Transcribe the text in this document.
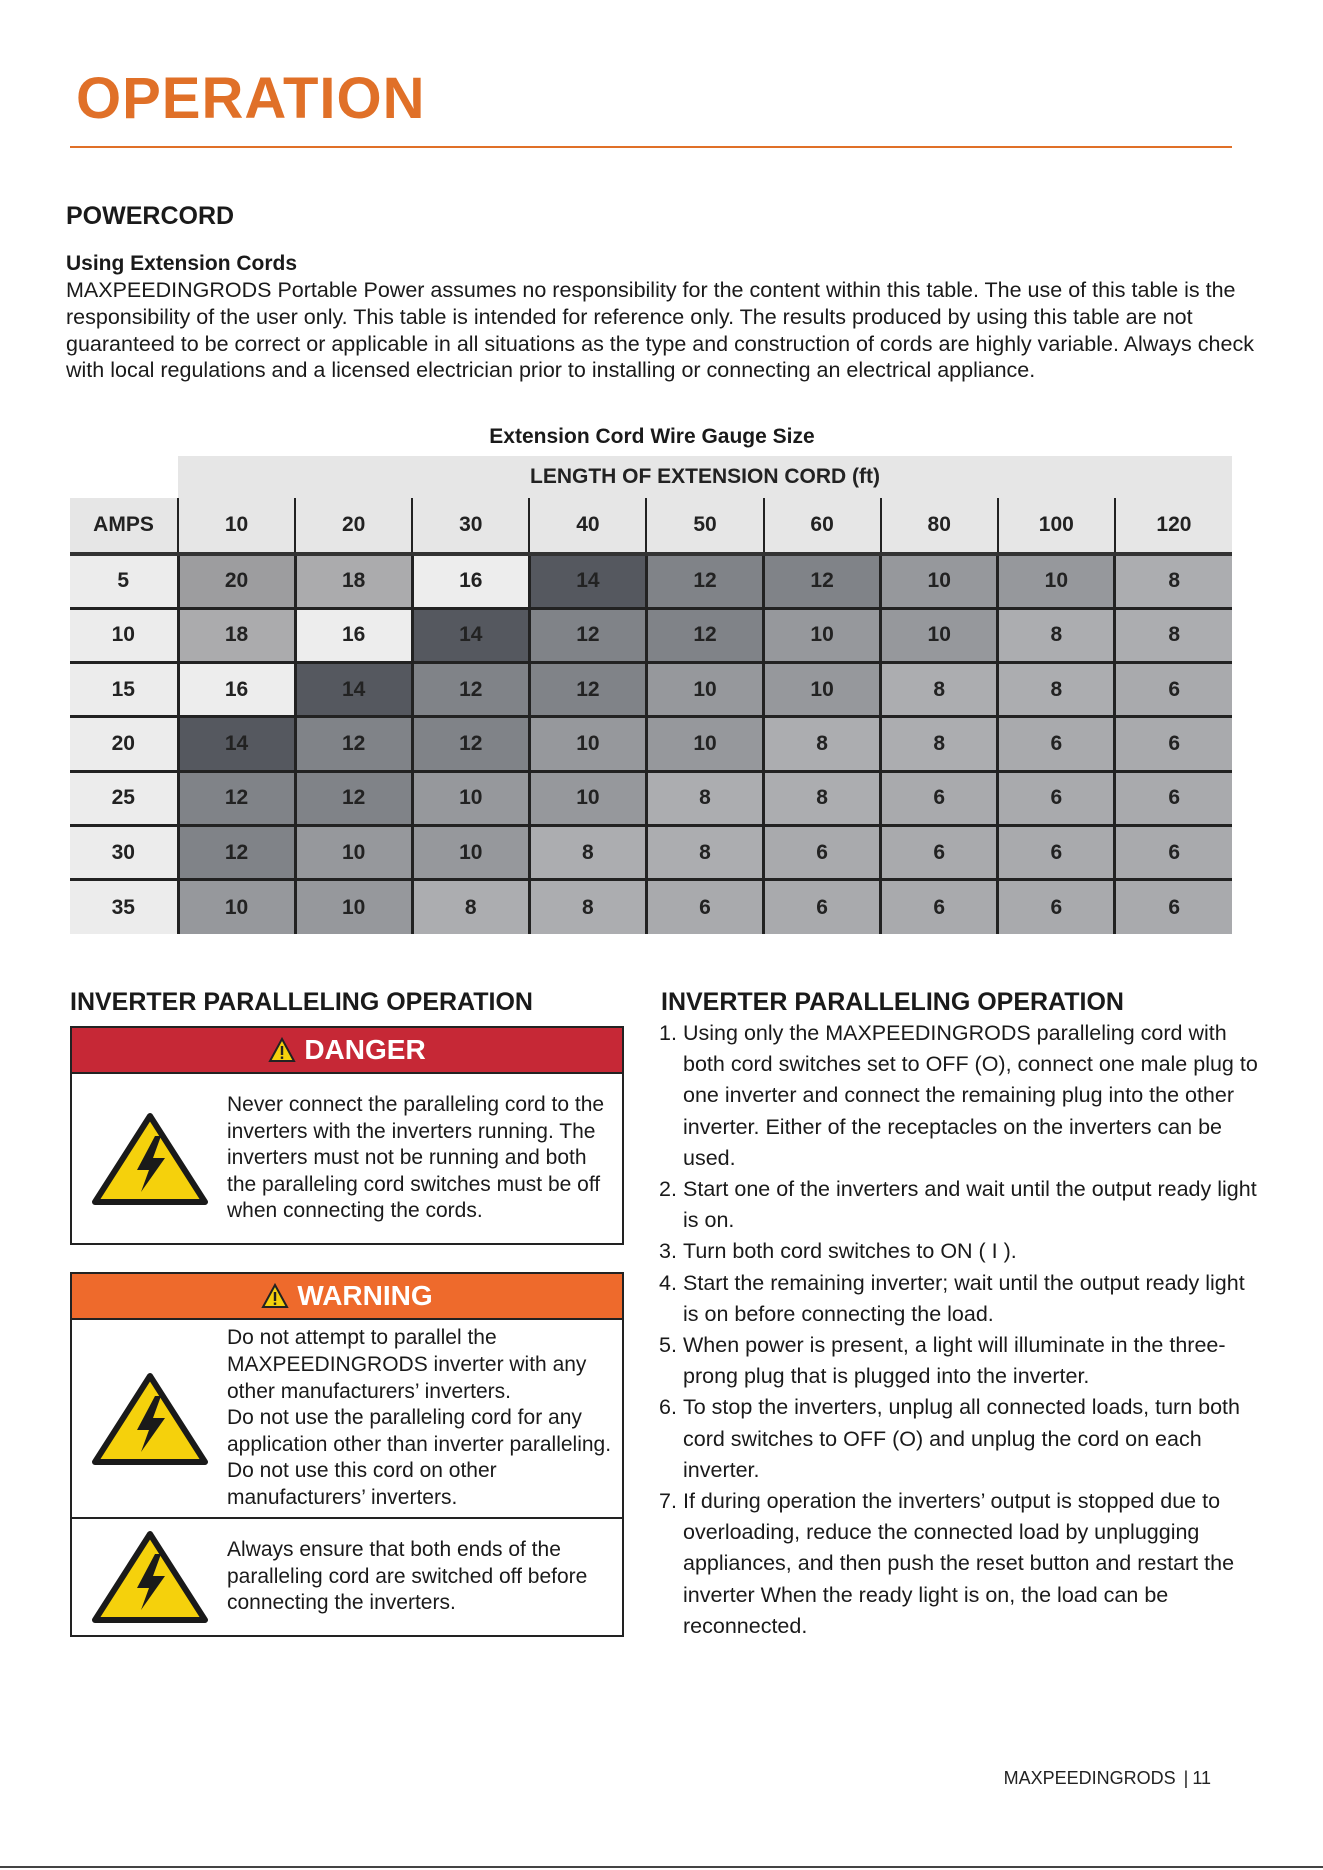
OPERATION
POWERCORD
Using Extension Cords
MAXPEEDINGRODS Portable Power assumes no responsibility for the content within this table. The use of this table is the responsibility of the user only. This table is intended for reference only. The results produced by using this table are not guaranteed to be correct or applicable in all situations as the type and construction of cords are highly variable. Always check with local regulations and a licensed electrician prior to installing or connecting an electrical appliance.
Extension Cord Wire Gauge Size
	LENGTH OF EXTENSION CORD (ft)								
AMPS	10	20	30	40	50	60	80	100	120
5	20	18	16	14	12	12	10	10	8
10	18	16	14	12	12	10	10	8	8
15	16	14	12	12	10	10	8	8	6
20	14	12	12	10	10	8	8	6	6
25	12	12	10	10	8	8	6	6	6
30	12	10	10	8	8	6	6	6	6
35	10	10	8	8	6	6	6	6	6
INVERTER PARALLELING OPERATION
DANGER
Never connect the paralleling cord to the inverters with the inverters running. The inverters must not be running and both the paralleling cord switches must be off when connecting the cords.
WARNING

Do not attempt to parallel the MAXPEEDINGRODS inverter with any other manufacturers’ inverters.

Do not use the paralleling cord for any application other than inverter paralleling. Do not use this cord on other manufacturers’ inverters.

Always ensure that both ends of the paralleling cord are switched off before connecting the inverters.
INVERTER PARALLELING OPERATION
1. Using only the MAXPEEDINGRODS paralleling cord with both cord switches set to OFF (O), connect one male plug to one inverter and connect the remaining plug into the other inverter. Either of the receptacles on the inverters can be used.
2. Start one of the inverters and wait until the output ready light is on.
3. Turn both cord switches to ON ( I ).
4. Start the remaining inverter; wait until the output ready light is on before connecting the load.
5. When power is present, a light will illuminate in the three-prong plug that is plugged into the inverter.
6. To stop the inverters, unplug all connected loads, turn both cord switches to OFF (O) and unplug the cord on each inverter.
7. If during operation the inverters’ output is stopped due to overloading, reduce the connected load by unplugging appliances, and then push the reset button and restart the inverter When the ready light is on, the load can be reconnected.
MAXPEEDINGRODS | 11
